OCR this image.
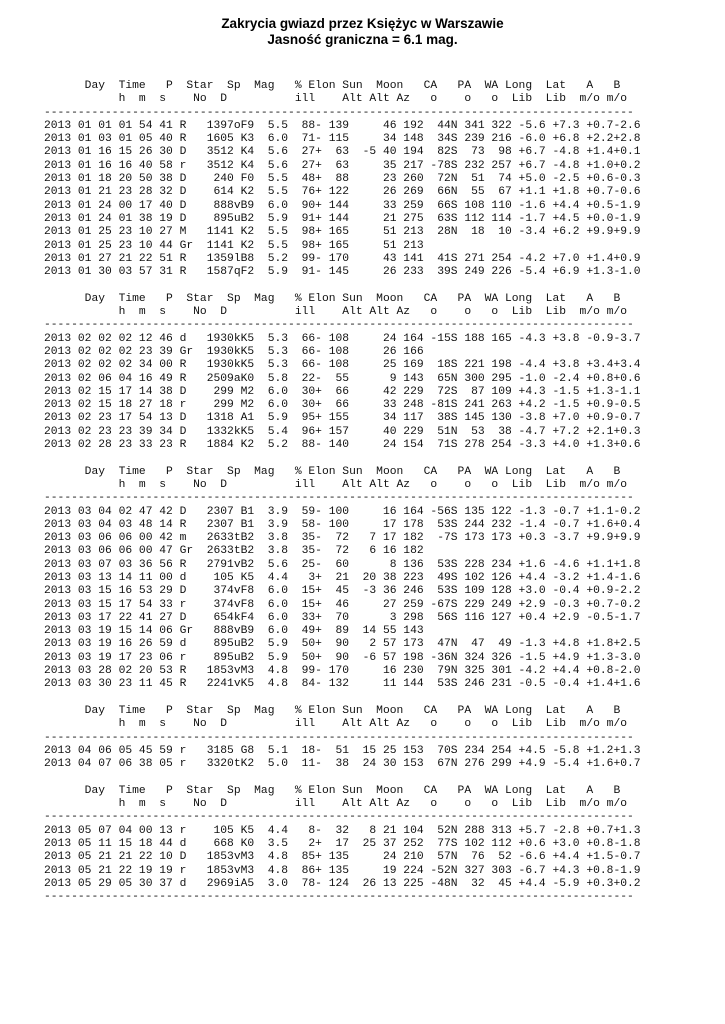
Zakrycia gwiazd przez Księżyc w Warszawie
Jasność graniczna = 6.1 mag.
Day  Time   P  Star  Sp  Mag   % Elon Sun  Moon   CA   PA  WA Long  Lat   A   B
h  m  s    No  D          ill    Alt Alt Az   o    o   o  Lib  Lib  m/o m/o
---------------------------------------------------------------------------------------
2013 01 01 01 54 41 R   1397oF9  5.5  88- 139     46 192  44N 341 322 -5.6 +7.3 +0.7-2.6
2013 01 03 01 05 40 R   1605 K3  6.0  71- 115     34 148  34S 239 216 -6.0 +6.8 +2.2+2.8
2013 01 16 15 26 30 D   3512 K4  5.6  27+  63  -5 40 194  82S  73  98 +6.7 -4.8 +1.4+0.1
2013 01 16 16 40 58 r   3512 K4  5.6  27+  63     35 217 -78S 232 257 +6.7 -4.8 +1.0+0.2
2013 01 18 20 50 38 D    240 F0  5.5  48+  88     23 260  72N  51  74 +5.0 -2.5 +0.6-0.3
2013 01 21 23 28 32 D    614 K2  5.5  76+ 122     26 269  66N  55  67 +1.1 +1.8 +0.7-0.6
2013 01 24 00 17 40 D    888vB9  6.0  90+ 144     33 259  66S 108 110 -1.6 +4.4 +0.5-1.9
2013 01 24 01 38 19 D    895uB2  5.9  91+ 144     21 275  63S 112 114 -1.7 +4.5 +0.0-1.9
2013 01 25 23 10 27 M   1141 K2  5.5  98+ 165     51 213  28N  18  10 -3.4 +6.2 +9.9+9.9
2013 01 25 23 10 44 Gr  1141 K2  5.5  98+ 165     51 213
2013 01 27 21 22 51 R   1359lB8  5.2  99- 170     43 141  41S 271 254 -4.2 +7.0 +1.4+0.9
2013 01 30 03 57 31 R   1587qF2  5.9  91- 145     26 233  39S 249 226 -5.4 +6.9 +1.3-1.0
Day  Time   P  Star  Sp  Mag   % Elon Sun  Moon   CA   PA  WA Long  Lat   A   B
h  m  s    No  D          ill    Alt Alt Az   o    o   o  Lib  Lib  m/o m/o
---------------------------------------------------------------------------------------
2013 02 02 02 12 46 d   1930kK5  5.3  66- 108     24 164 -15S 188 165 -4.3 +3.8 -0.9-3.7
2013 02 02 02 23 39 Gr  1930kK5  5.3  66- 108     26 166
2013 02 02 02 34 00 R   1930kK5  5.3  66- 108     25 169  18S 221 198 -4.4 +3.8 +3.4+3.4
2013 02 06 04 16 49 R   2509aK0  5.8  22-  55      9 143  65N 300 295 -1.0 -2.4 +0.8+0.6
2013 02 15 17 14 38 D    299 M2  6.0  30+  66     42 229  72S  87 109 +4.3 -1.5 +1.3-1.1
2013 02 15 18 27 18 r    299 M2  6.0  30+  66     33 248 -81S 241 263 +4.2 -1.5 +0.9-0.5
2013 02 23 17 54 13 D   1318 A1  5.9  95+ 155     34 117  38S 145 130 -3.8 +7.0 +0.9-0.7
2013 02 23 23 39 34 D   1332kK5  5.4  96+ 157     40 229  51N  53  38 -4.7 +7.2 +2.1+0.3
2013 02 28 23 33 23 R   1884 K2  5.2  88- 140     24 154  71S 278 254 -3.3 +4.0 +1.3+0.6
Day  Time   P  Star  Sp  Mag   % Elon Sun  Moon   CA   PA  WA Long  Lat   A   B
h  m  s    No  D          ill    Alt Alt Az   o    o   o  Lib  Lib  m/o m/o
---------------------------------------------------------------------------------------
2013 03 04 02 47 42 D   2307 B1  3.9  59- 100     16 164 -56S 135 122 -1.3 -0.7 +1.1-0.2
2013 03 04 03 48 14 R   2307 B1  3.9  58- 100     17 178  53S 244 232 -1.4 -0.7 +1.6+0.4
2013 03 06 06 00 42 m   2633tB2  3.8  35-  72   7 17 182  -7S 173 173 +0.3 -3.7 +9.9+9.9
2013 03 06 06 00 47 Gr  2633tB2  3.8  35-  72   6 16 182
2013 03 07 03 36 56 R   2791vB2  5.6  25-  60      8 136  53S 228 234 +1.6 -4.6 +1.1+1.8
2013 03 13 14 11 00 d    105 K5  4.4   3+  21  20 38 223  49S 102 126 +4.4 -3.2 +1.4-1.6
2013 03 15 16 53 29 D    374vF8  6.0  15+  45  -3 36 246  53S 109 128 +3.0 -0.4 +0.9-2.2
2013 03 15 17 54 33 r    374vF8  6.0  15+  46     27 259 -67S 229 249 +2.9 -0.3 +0.7-0.2
2013 03 17 22 41 27 D    654kF4  6.0  33+  70      3 298  56S 116 127 +0.4 +2.9 -0.5-1.7
2013 03 19 15 14 06 Gr   888vB9  6.0  49+  89  14 55 143
2013 03 19 16 26 59 d    895uB2  5.9  50+  90   2 57 173  47N  47  49 -1.3 +4.8 +1.8+2.5
2013 03 19 17 23 06 r    895uB2  5.9  50+  90  -6 57 198 -36N 324 326 -1.5 +4.9 +1.3-3.0
2013 03 28 02 20 53 R   1853vM3  4.8  99- 170     16 230  79N 325 301 -4.2 +4.4 +0.8-2.0
2013 03 30 23 11 45 R   2241vK5  4.8  84- 132     11 144  53S 246 231 -0.5 -0.4 +1.4+1.6
Day  Time   P  Star  Sp  Mag   % Elon Sun  Moon   CA   PA  WA Long  Lat   A   B
h  m  s    No  D          ill    Alt Alt Az   o    o   o  Lib  Lib  m/o m/o
---------------------------------------------------------------------------------------
2013 04 06 05 45 59 r   3185 G8  5.1  18-  51  15 25 153  70S 234 254 +4.5 -5.8 +1.2+1.3
2013 04 07 06 38 05 r   3320tK2  5.0  11-  38  24 30 153  67N 276 299 +4.9 -5.4 +1.6+0.7
Day  Time   P  Star  Sp  Mag   % Elon Sun  Moon   CA   PA  WA Long  Lat   A   B
h  m  s    No  D          ill    Alt Alt Az   o    o   o  Lib  Lib  m/o m/o
---------------------------------------------------------------------------------------
2013 05 07 04 00 13 r    105 K5  4.4   8-  32   8 21 104  52N 288 313 +5.7 -2.8 +0.7+1.3
2013 05 11 15 18 44 d    668 K0  3.5   2+  17  25 37 252  77S 102 112 +0.6 +3.0 +0.8-1.8
2013 05 21 21 22 10 D   1853vM3  4.8  85+ 135     24 210  57N  76  52 -6.6 +4.4 +1.5-0.7
2013 05 21 22 19 19 r   1853vM3  4.8  86+ 135     19 224 -52N 327 303 -6.7 +4.3 +0.8-1.9
2013 05 29 05 30 37 d   2969iA5  3.0  78- 124  26 13 225 -48N  32  45 +4.4 -5.9 +0.3+0.2
---------------------------------------------------------------------------------------
